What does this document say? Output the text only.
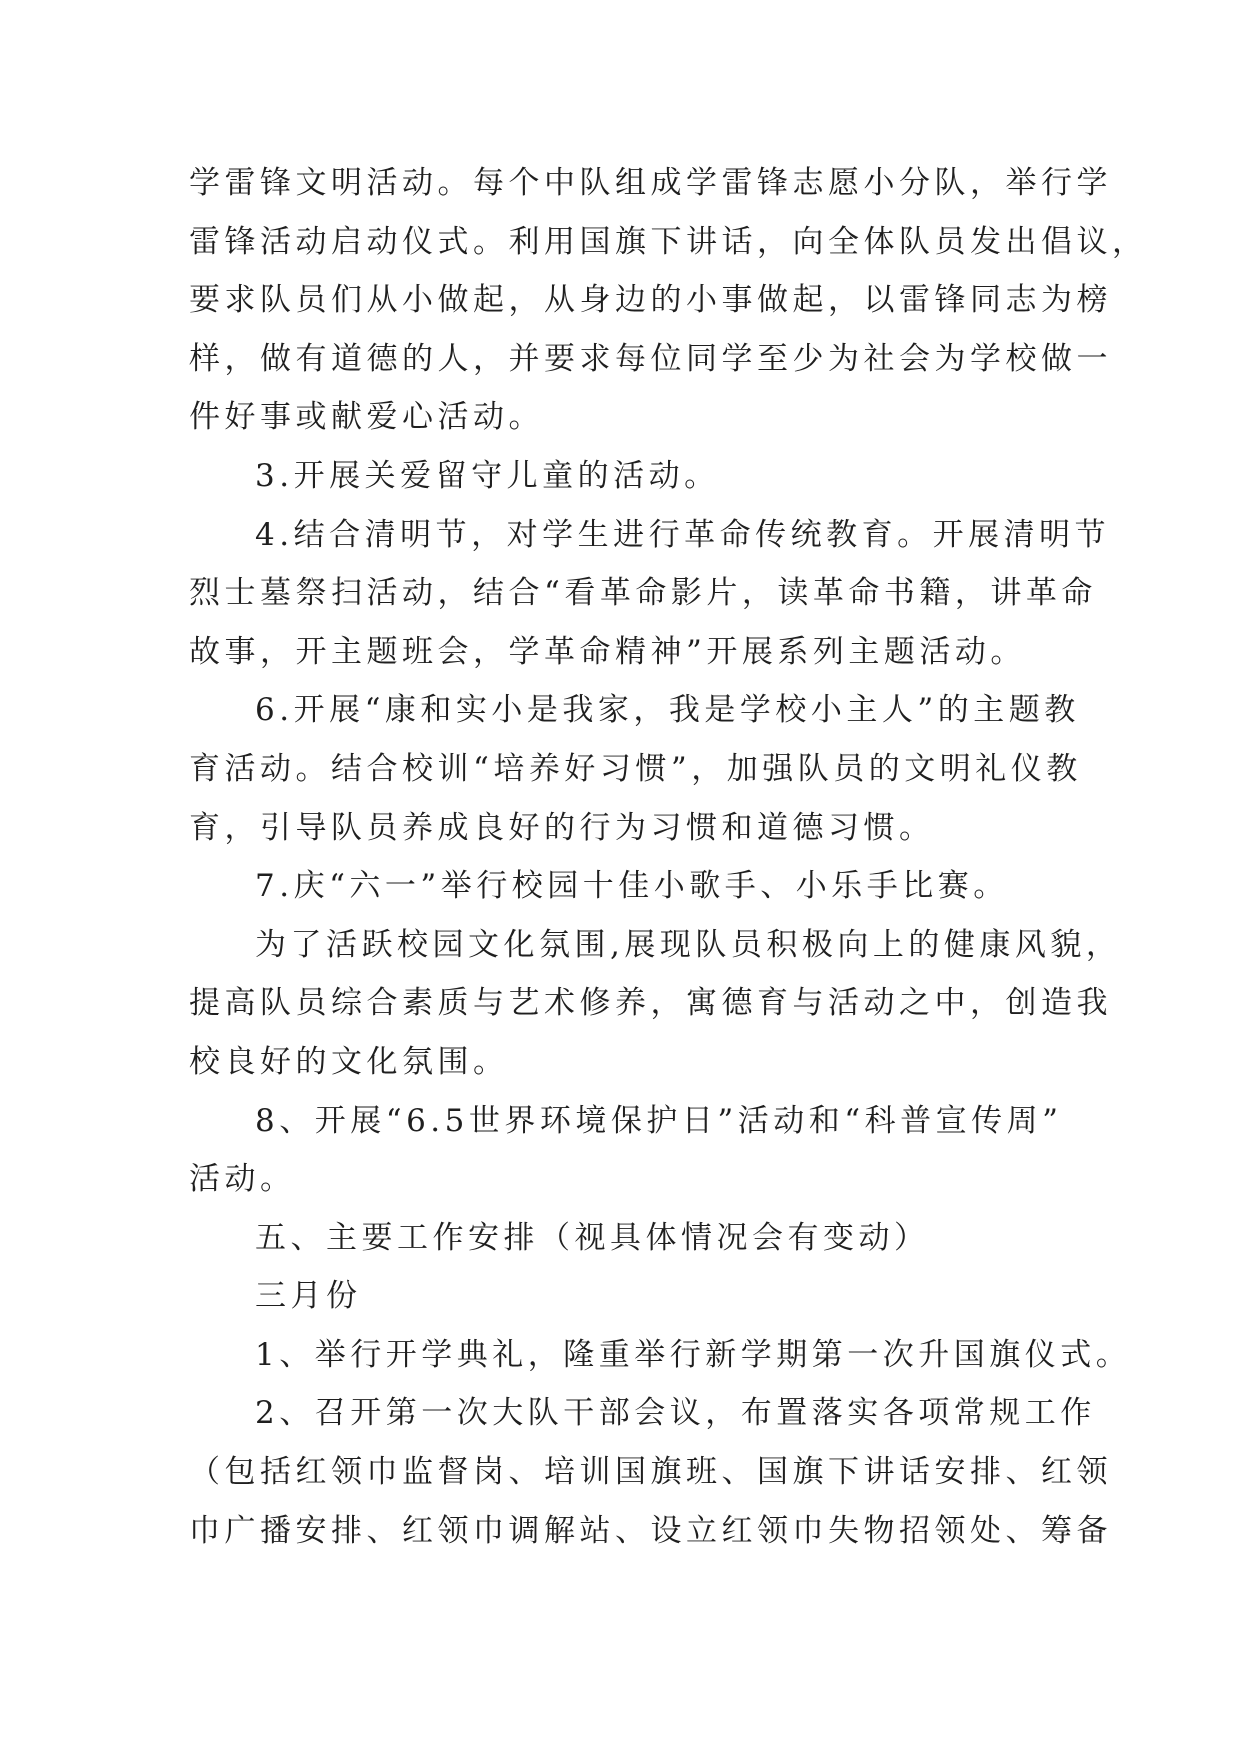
学雷锋文明活动。每个中队组成学雷锋志愿小分队，举行学
雷锋活动启动仪式。利用国旗下讲话，向全体队员发出倡议，
要求队员们从小做起，从身边的小事做起，以雷锋同志为榜
样，做有道德的人，并要求每位同学至少为社会为学校做一
件好事或献爱心活动。
3.开展关爱留守儿童的活动。
4.结合清明节，对学生进行革命传统教育。开展清明节
烈士墓祭扫活动，结合“看革命影片，读革命书籍，讲革命
故事，开主题班会，学革命精神”开展系列主题活动。
6.开展“康和实小是我家，我是学校小主人”的主题教
育活动。结合校训“培养好习惯”，加强队员的文明礼仪教
育，引导队员养成良好的行为习惯和道德习惯。
7.庆“六一”举行校园十佳小歌手、小乐手比赛。
为了活跃校园文化氛围,展现队员积极向上的健康风貌，
提高队员综合素质与艺术修养，寓德育与活动之中，创造我
校良好的文化氛围。
8、开展“6.5世界环境保护日”活动和“科普宣传周”
活动。
五、主要工作安排（视具体情况会有变动）
三月份
1、举行开学典礼，隆重举行新学期第一次升国旗仪式。
2、召开第一次大队干部会议，布置落实各项常规工作
（包括红领巾监督岗、培训国旗班、国旗下讲话安排、红领
巾广播安排、红领巾调解站、设立红领巾失物招领处、筹备
